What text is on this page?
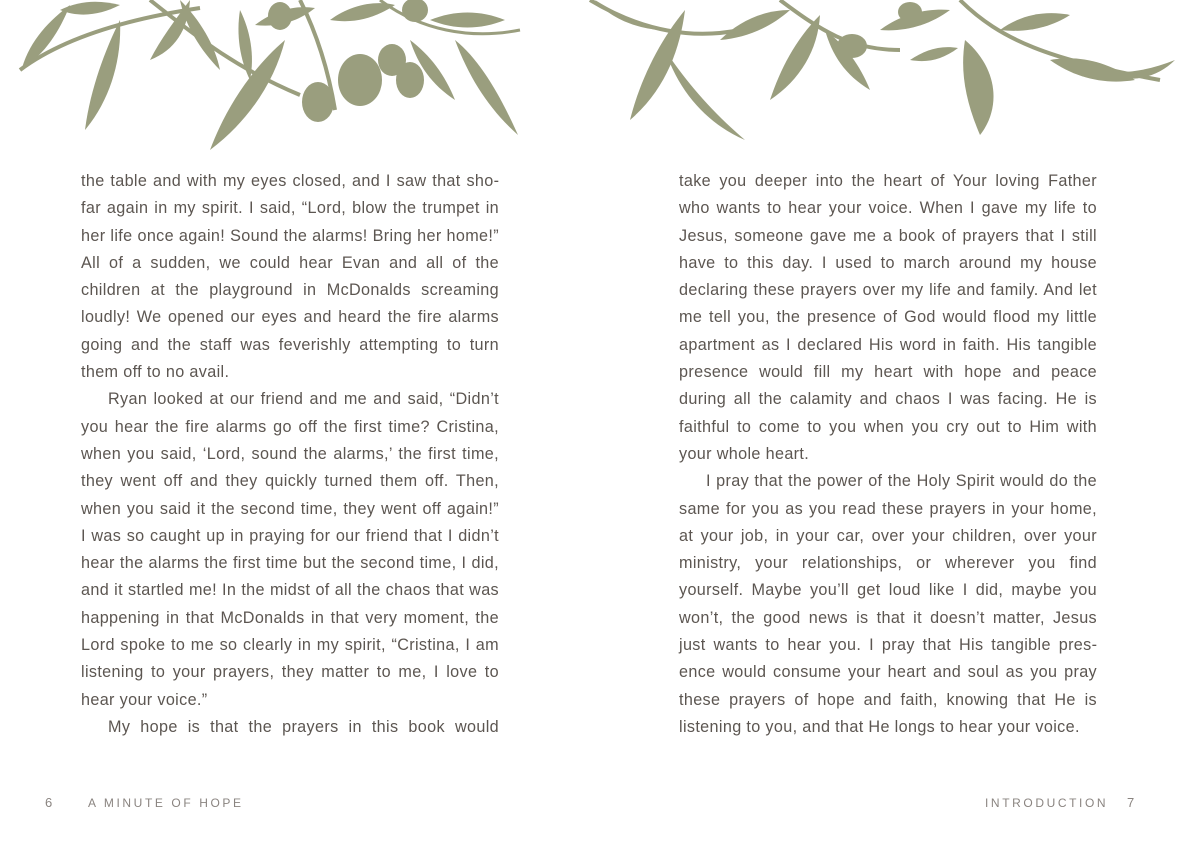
the table and with my eyes closed, and I saw that shofar again in my spirit. I said, “Lord, blow the trumpet in her life once again! Sound the alarms! Bring her home!” All of a sudden, we could hear Evan and all of the children at the playground in McDonalds screaming loudly! We opened our eyes and heard the fire alarms going and the staff was feverishly attempting to turn them off to no avail.

Ryan looked at our friend and me and said, “Didn’t you hear the fire alarms go off the first time? Cristina, when you said, ‘Lord, sound the alarms,’ the first time, they went off and they quickly turned them off. Then, when you said it the second time, they went off again!” I was so caught up in praying for our friend that I didn’t hear the alarms the first time but the second time, I did, and it startled me! In the midst of all the chaos that was happening in that McDonalds in that very moment, the Lord spoke to me so clearly in my spirit, “Cristina, I am listening to your prayers, they matter to me, I love to hear your voice.”

My hope is that the prayers in this book would

take you deeper into the heart of Your loving Father who wants to hear your voice. When I gave my life to Jesus, someone gave me a book of prayers that I still have to this day. I used to march around my house declaring these prayers over my life and family. And let me tell you, the presence of God would flood my little apartment as I declared His word in faith. His tangible presence would fill my heart with hope and peace during all the calamity and chaos I was facing. He is faithful to come to you when you cry out to Him with your whole heart.

I pray that the power of the Holy Spirit would do the same for you as you read these prayers in your home, at your job, in your car, over your children, over your ministry, your relationships, or wherever you find yourself. Maybe you’ll get loud like I did, maybe you won’t, the good news is that it doesn’t matter, Jesus just wants to hear you. I pray that His tangible presence would consume your heart and soul as you pray these prayers of hope and faith, knowing that He is listening to you, and that He longs to hear your voice.

6	A MINUTE OF HOPE	INTRODUCTION 7
